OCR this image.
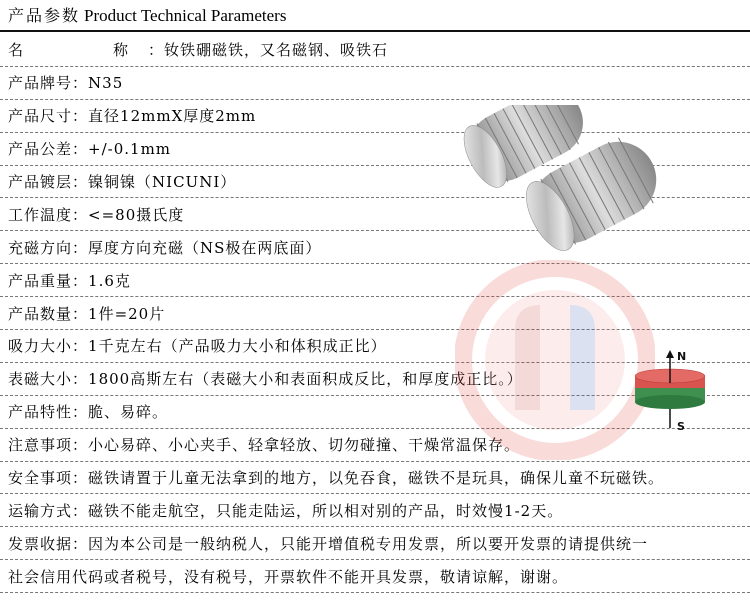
产品参数 Product Technical Parameters
名　　称 ： 钕铁硼磁铁，又名磁钢、吸铁石
产品牌号 ： N35
产品尺寸 ： 直径12mmX厚度2mm
产品公差 ： +/-0.1mm
产品镀层 ： 镍铜镍（NICUNI）
工作温度 ： <=80摄氏度
充磁方向 ： 厚度方向充磁（NS极在两底面）
产品重量 ： 1.6克
产品数量 ： 1件=20片
吸力大小 ： 1千克左右（产品吸力大小和体积成正比）
表磁大小 ： 1800高斯左右（表磁大小和表面积成反比，和厚度成正比。）
产品特性 ： 脆、易碎。
注意事项 ： 小心易碎、小心夹手、轻拿轻放、切勿碰撞、干燥常温保存。
安全事项 ： 磁铁请置于儿童无法拿到的地方，以免吞食，磁铁不是玩具，确保儿童不玩磁铁。
运输方式 ： 磁铁不能走航空，只能走陆运，所以相对别的产品，时效慢1-2天。
发票收据 ： 因为本公司是一般纳税人，只能开增值税专用发票，所以要开发票的请提供统一
社会信用代码或者税号，没有税号，开票软件不能开具发票，敬请谅解，谢谢。
N
S
